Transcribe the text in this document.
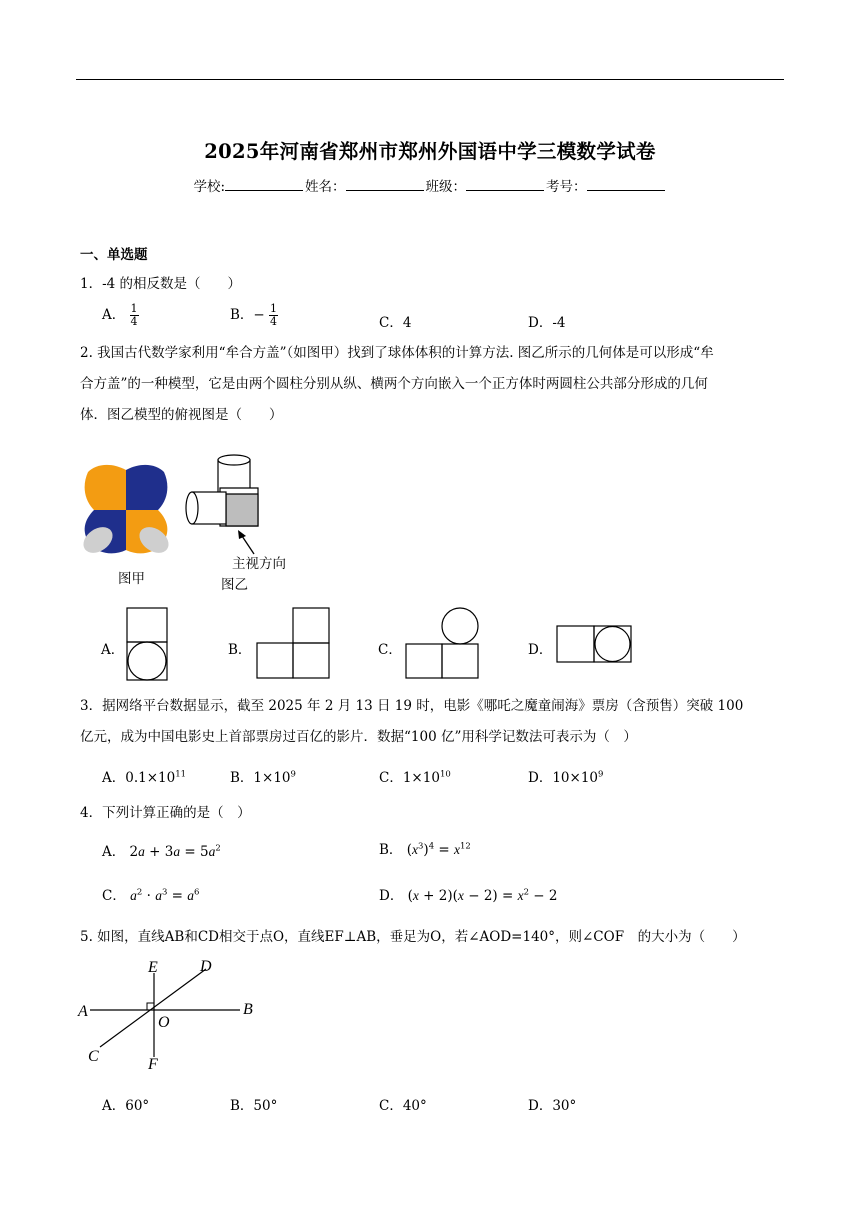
2025年河南省郑州市郑州外国语中学三模数学试卷
学校:	姓名：	班级：	考号：
一、单选题
1．-4 的相反数是（　　）
A． $\frac{1}{4}$	B．− $\frac{1}{4}$	C．4	D．-4
2. 我国古代数学家利用“牟合方盖”（如图甲）找到了球体体积的计算方法. 图乙所示的几何体是可以形成“牟
合方盖”的一种模型，它是由两个圆柱分别从纵、横两个方向嵌入一个正方体时两圆柱公共部分形成的几何
体．图乙模型的俯视图是（　　）
图甲
主视方向
图乙
A．	B．	C．	D．
3．据网络平台数据显示，截至 2025 年 2 月 13 日 19 时，电影《哪吒之魔童闹海》票房（含预售）突破 100
亿元，成为中国电影史上首部票房过百亿的影片．数据“100 亿”用科学记数法可表示为（　）
A．$0.1\times 10^{11}$	B．$1\times 10^9$	C．$1\times 10^{10}$	D．$10\times 10^9$
4．下列计算正确的是（　）
A． $2a + 3a = 5a^2$	B． $(x^3)^4 = x^{12}$
C． $a^2 \cdot a^3 = a^6$	D． $(x + 2)(x - 2) = x^2 - 2$
5. 如图，直线AB和CD相交于点O，直线EF⊥AB，垂足为O，若∠AOD=140°，则∠COF　的大小为（　　）
E	D
A	B
O
C	F
A．60°	B．50°	C．40°	D．30°
